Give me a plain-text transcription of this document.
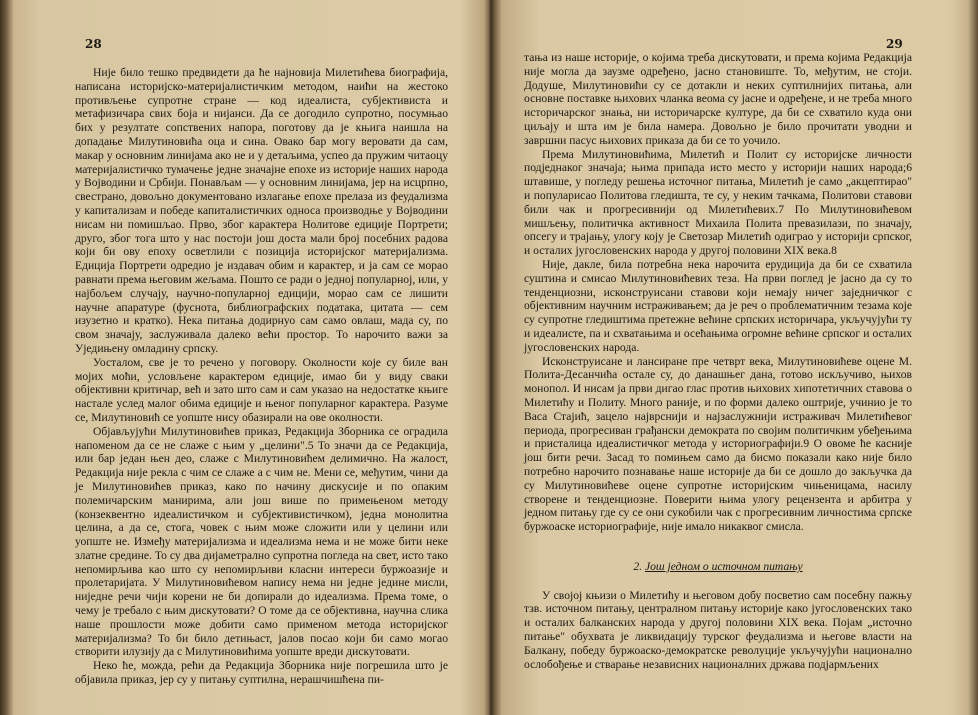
28

Није било тешко предвидети да ће најновија Милетићева биографија, написана историјско-материјалистичким методом, наићи на жестоко противљење супротне стране — код идеалиста, субјективиста и метафизичара свих боја и нијанси. Да се догодило супротно, посумњао бих у резултате сопствених напора, поготову да је књига наишла на допадање Милутиновића оца и сина. Овако бар могу веровати да сам, макар у основним линијама ако не и у детаљима, успео да пружим читаоцу материјалистичко тумачење једне значајне епохе из историје наших народа у Војводини и Србији. Понављам — у основним линијама, јер на исцрпно, свестрано, довољно документовано излагање епохе прелаза из феудализма у капитализам и победе капиталистичких односа производње у Војводини нисам ни помишљао. Прво, због карактера Нолитове едиције Портрети; друго, због тога што у нас постоји још доста мали број посебних радова који би ову епоху осветлили с позиција историјског материјализма. Едиција Портрети одредио је издавач обим и карактер, и ја сам се морао равнати према његовим жељама. Пошто се ради о једној популарној, или, у најбољем случају, научно-популарној едицији, морао сам се лишити научне апаратуре (фуснота, библиографских података, цитата — сем изузетно и кратко). Нека питања додирнуо сам само овлаш, мада су, по свом значају, заслуживала далеко већи простор. То нарочито важи за Уједињену омладину српску.

Уосталом, све је то речено у поговору. Околности које су биле ван мојих моћи, условљене карактером едиције, имао би у виду сваки објективни критичар, већ и зато што сам и сам указао на недостатке књиге настале услед малог обима едиције и њеног популарног карактера. Разуме се, Милутиновић се уопште нису обазирали на ове околности.

Објављујући Милутиновићев приказ, Редакција Зборника се оградила напоменом да се не слаже с њим у „целини".5 То значи да се Редакција, или бар један њен део, слаже с Милутиновићем делимично. На жалост, Редакција није рекла с чим се слаже а с чим не. Мени се, међутим, чини да је Милутиновићев приказ, како по начину дискусије и по опаким полемичарским манирима, али још више по примењеном методу (конзеквентно идеалистичком и субјективистичком), једна монолитна целина, а да се, стога, човек с њим може сложити или у целини или уопште не. Између материјализма и идеализма нема и не може бити неке златне средине. То су два дијаметрално супротна погледа на свет, исто тако непомирљива као што су непомирљиви класни интереси буржоазије и пролетаријата. У Милутиновићевом напису нема ни једне једине мисли, ниједне речи чији корени не би допирали до идеализма. Према томе, о чему је требало с њим дискутовати? О томе да се објективна, научна слика наше прошлости може добити само применом метода историјског материјализма? То би било детињаст, јалов посао који би само могао створити илузију да с Милутиновићима уопште вреди дискутовати.

Неко ће, можда, рећи да Редакција Зборника није погрешила што је објавила приказ, јер су у питању суптилна, нерашчишћена пи-

29

тања из наше историје, о којима треба дискутовати, и према којима Редакција није могла да заузме одређено, јасно становиште. То, међутим, не стоји. Додуше, Милутиновићи су се дотакли и неких суптилнијих питања, али основне поставке њихових чланка веома су јасне и одређене, и не треба много историчарског знања, ни историчарске културе, да би се схватило куда они циљају и шта им је била намера. Довољно је било прочитати уводни и завршни пасус њихових приказа да би се то уочило.

Према Милутиновићима, Милетић и Полит су историјске личности подједнаког значаја; њима припада исто место у историји наших народа;6 штавише, у погледу решења источног питања, Милетић је само „акцептирао" и популарисао Политова гледишта, те су, у неким тачкама, Политови ставови били чак и прогресивнији од Милетићевих.7 По Милутиновићевом мишљењу, политичка активност Михаила Полита превазилази, по значају, опсегу и трајању, улогу коју је Светозар Милетић одиграо у историји српског, и осталих југословенских народа у другој половини XIX века.8

Није, дакле, била потребна нека нарочита ерудиција да би се схватила суштина и смисао Милутиновићевих теза. На први поглед је јасно да су то тенденциозни, исконструисани ставови који немају ничег заједничког с објективним научним истраживањем; да је реч о проблематичним тезама које су супротне гледиштима претежне већине српских историчара, укључујући ту и идеалисте, па и схватањима и осећањима огромне већине српског и осталих југословенских народа.

Исконструисане и лансиране пре четврт века, Милутиновићеве оцене М. Полита-Десанчића остале су, до данашњег дана, готово искључиво, њихов монопол. И нисам ја први дигао глас против њихових хипотетичних ставова о Милетићу и Политу. Много раније, и по форми далеко оштрије, учинио је то Васа Стајић, зацело најврснији и најзаслужнији истраживач Милетићевог периода, прогресиван грађански демократа по својим политичким убеђењима и присталица идеалистичког метода у историографији.9 О овоме ће касније још бити речи. Засад то помињем само да бисмо показали како није било потребно нарочито познавање наше историје да би се дошло до закључка да су Милутиновићеве оцене супротне историјским чињеницама, насилу створене и тенденциозне. Поверити њима улогу рецензента и арбитра у једном питању где су се они сукобили чак с прогресивним личностима српске буржоаске историографије, није имало никаквог смисла.

2. Још једном о источном питању

У својој књизи о Милетићу и његовом добу посветио сам посебну пажњу тзв. источном питању, централном питању историје како југословенских тако и осталих балканских народа у другој половини XIX века. Појам „источно питање" обухвата је ликвидацију турског феудализма и његове власти на Балкану, победу буржоаско-демократске револуције укључујући национално ослобођење и стварање независних националних држава подјармљених
